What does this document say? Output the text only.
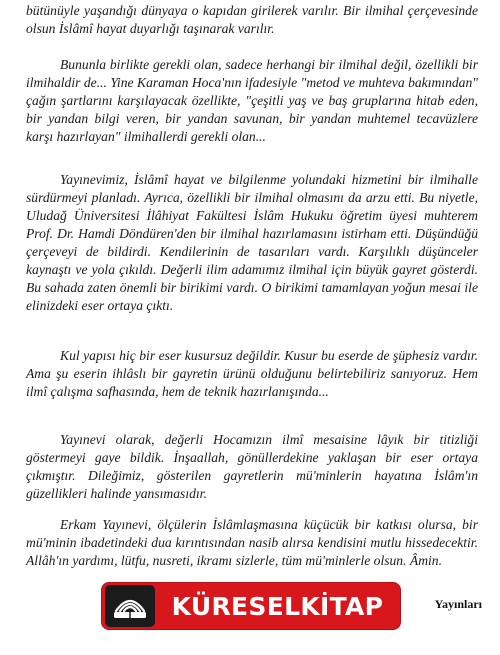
bütünüyle yaşandığı dünyaya o kapıdan girilerek varılır. Bir ilmihal çerçevesinde olsun İslâmî hayat duyarlığı taşınarak varılır.

Bununla birlikte gerekli olan, sadece herhangi bir ilmihal değil, özellikli bir ilmihaldir de... Yine Karaman Hoca'nın ifadesiyle "metod ve muhteva bakımından" çağın şartlarını karşılayacak özellikte, "çeşitli yaş ve baş gruplarına hitab eden, bir yandan bilgi veren, bir yandan savunan, bir yandan muhtemel tecavüzlere karşı hazırlayan" ilmihallerdi gerekli olan...

Yayınevimiz, İslâmî hayat ve bilgilenme yolundaki hizmetini bir ilmihalle sürdürmeyi planladı. Ayrıca, özellikli bir ilmihal olmasını da arzu etti. Bu niyetle, Uludağ Üniversitesi İlâhiyat Fakültesi İslâm Hukuku öğretim üyesi muhterem Prof. Dr. Hamdi Döndüren'den bir ilmihal hazırlamasını istirham etti. Düşündüğü çerçeveyi de bildirdi. Kendilerinin de tasarıları vardı. Karşılıklı düşünceler kaynaştı ve yola çıkıldı. Değerli ilim adamımız ilmihal için büyük gayret gösterdi. Bu sahada zaten önemli bir birikimi vardı. O birikimi tamamlayan yoğun mesai ile elinizdeki eser ortaya çıktı.

Kul yapısı hiç bir eser kusursuz değildir. Kusur bu eserde de şüphesiz vardır. Ama şu eserin ihlâslı bir gayretin ürünü olduğunu belirtebiliriz sanıyoruz. Hem ilmî çalışma safhasında, hem de teknik hazırlanışında...

Yayınevi olarak, değerli Hocamızın ilmî mesaisine lâyık bir titizliği göstermeyi gaye bildik. İnşaallah, gönüllerdekine yaklaşan bir eser ortaya çıkmıştır. Dileğimiz, gösterilen gayretlerin mü'minlerin hayatına İslâm'ın güzellikleri halinde yansımasıdır.

Erkam Yayınevi, ölçülerin İslâmlaşmasına küçücük bir katkısı olursa, bir mü'minin ibadetindeki dua kırıntısından nasib alırsa kendisini mutlu hissedecektir. Allâh'ın yardımı, lütfu, nusreti, ikramı sizlerle, tüm mü'minlerle olsun. Âmin.

Yayınları
KÜRESELKİTAP
